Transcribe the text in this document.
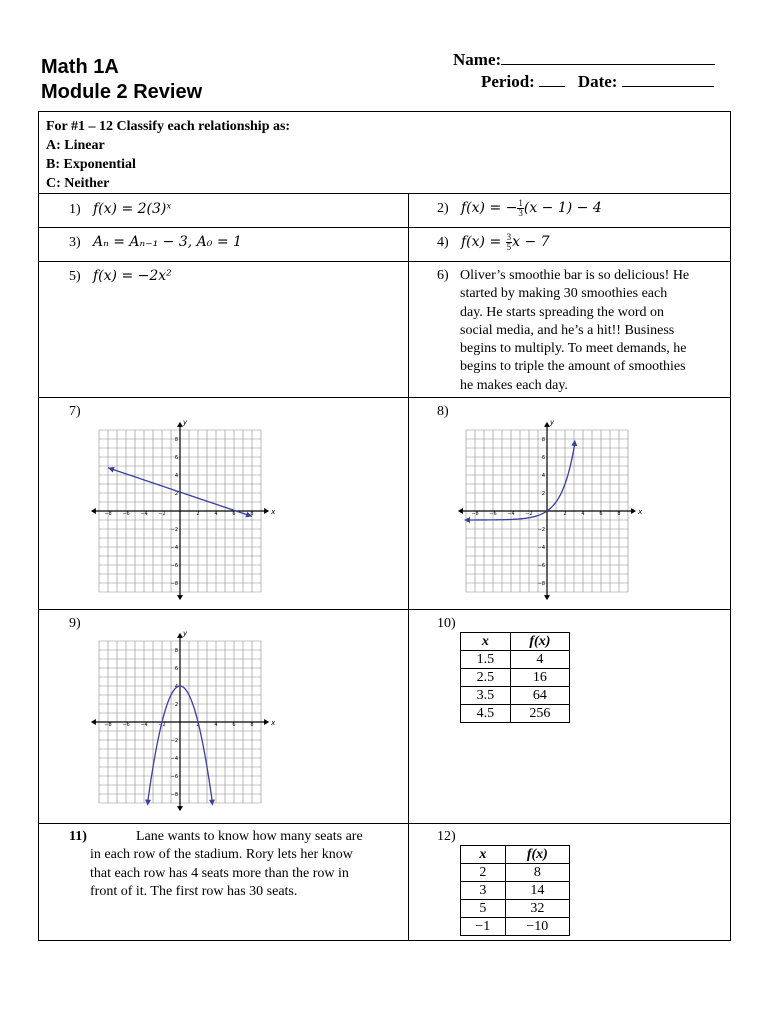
Math 1A
Module 2 Review
Name:
Period:	Date:
For #1 – 12 Classify each relationship as:
A: Linear
B: Exponential
C: Neither
1) f(x) = 2(3)ˣ	2) f(x) = − $\frac{1}{3} (x - 1) - 4$
3) Aₙ = Aₙ₋₁ − 3, A₀ = 1	4) $f(x) = \frac{3}{5}$ x − 7
5) f(x) = −2x²	6) Oliver’s smoothie bar is so delicious! He
started by making 30 smoothies each
day. He starts spreading the word on
social media, and he’s a hit!! Business
begins to multiply. To meet demands, he
begins to triple the amount of smoothies
he makes each day.
7)	8)
x
y
−8 −6 −4 −2	2	4	6	8
8
6
4
2
−2
−4
−6
−8
x
y
−8 −6 −4 −2	2	4	6	8
8
6
4
2
−2
−4
−6
−8
9)
x
y
−8 −6 −4 −2	2	4	6	8
8
6
4
2
−2
−4
−6
−8
10)
x	f(x)
1.5	4
2.5	16
3.5	64
4.5	256
11)	Lane wants to know how many seats are
in each row of the stadium. Rory lets her know
that each row has 4 seats more than the row in
front of it. The first row has 30 seats.
12)
x	f(x)
2	8
3	14
5	32
−1	−10
